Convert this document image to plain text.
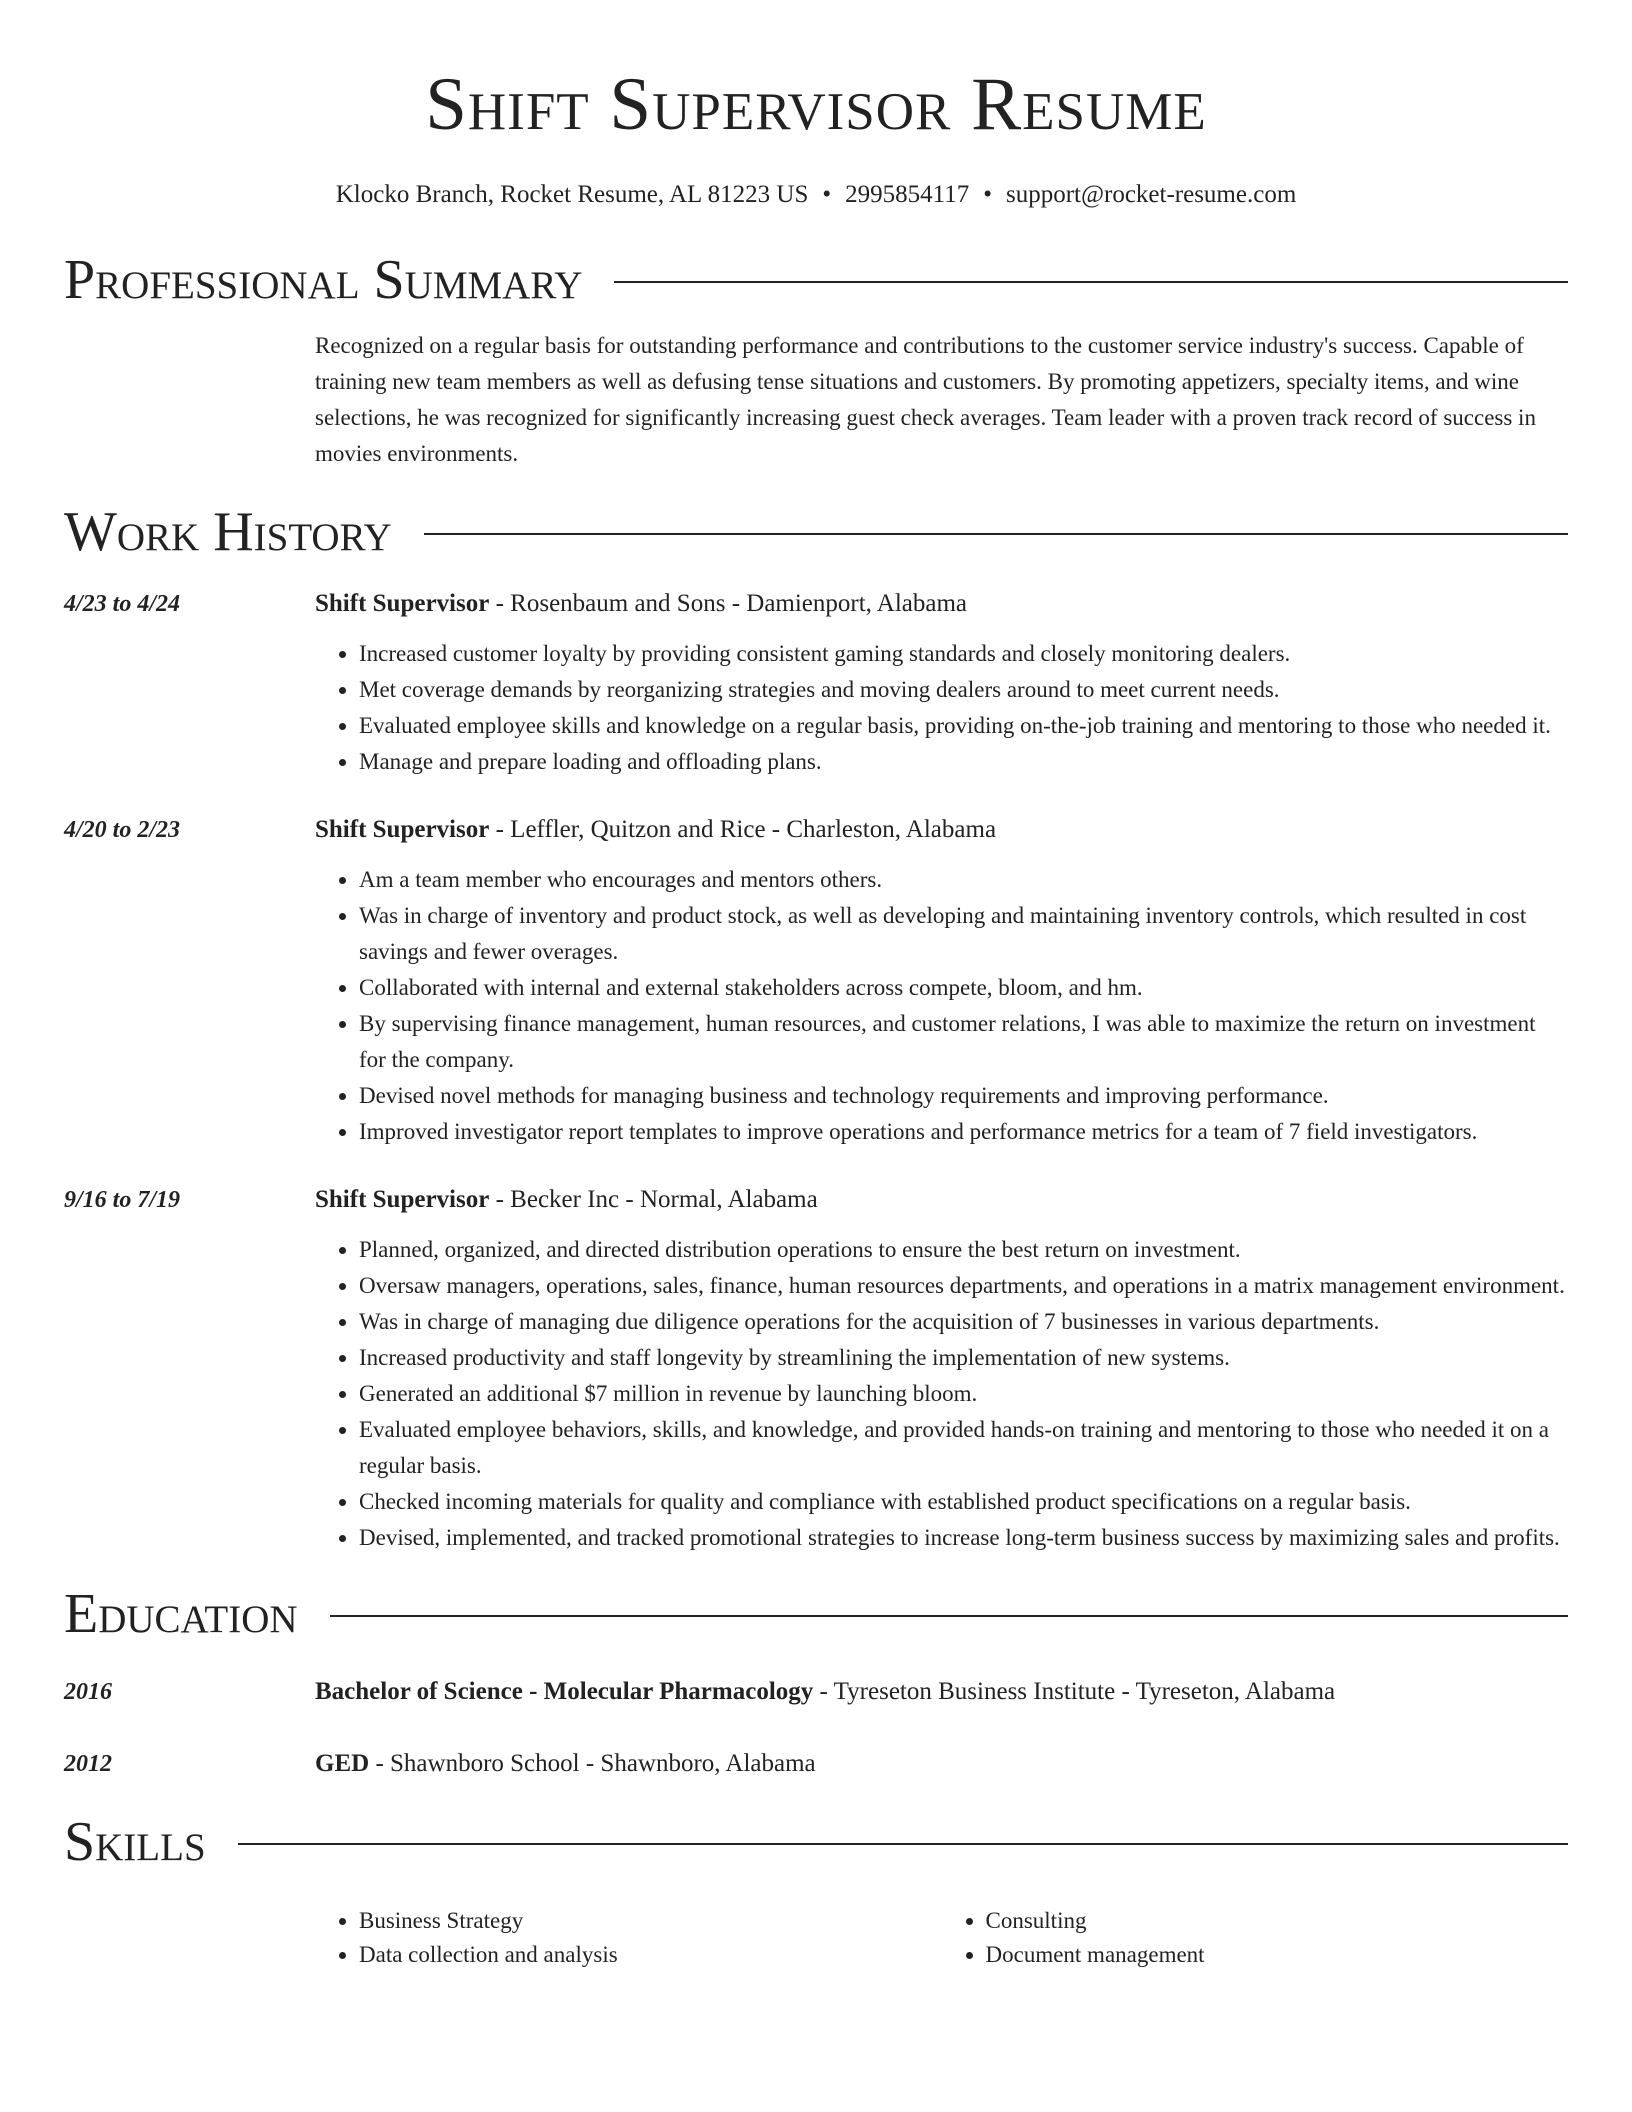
Shift Supervisor Resume
Klocko Branch, Rocket Resume, AL 81223 US • 2995854117 • support@rocket-resume.com
Professional Summary
Recognized on a regular basis for outstanding performance and contributions to the customer service industry's success. Capable of training new team members as well as defusing tense situations and customers. By promoting appetizers, specialty items, and wine selections, he was recognized for significantly increasing guest check averages. Team leader with a proven track record of success in movies environments.
Work History
4/23 to 4/24	Shift Supervisor - Rosenbaum and Sons - Damienport, Alabama
• Increased customer loyalty by providing consistent gaming standards and closely monitoring dealers.
• Met coverage demands by reorganizing strategies and moving dealers around to meet current needs.
• Evaluated employee skills and knowledge on a regular basis, providing on-the-job training and mentoring to those who needed it.
• Manage and prepare loading and offloading plans.
4/20 to 2/23	Shift Supervisor - Leffler, Quitzon and Rice - Charleston, Alabama
• Am a team member who encourages and mentors others.
• Was in charge of inventory and product stock, as well as developing and maintaining inventory controls, which resulted in cost savings and fewer overages.
• Collaborated with internal and external stakeholders across compete, bloom, and hm.
• By supervising finance management, human resources, and customer relations, I was able to maximize the return on investment for the company.
• Devised novel methods for managing business and technology requirements and improving performance.
• Improved investigator report templates to improve operations and performance metrics for a team of 7 field investigators.
9/16 to 7/19	Shift Supervisor - Becker Inc - Normal, Alabama
• Planned, organized, and directed distribution operations to ensure the best return on investment.
• Oversaw managers, operations, sales, finance, human resources departments, and operations in a matrix management environment.
• Was in charge of managing due diligence operations for the acquisition of 7 businesses in various departments.
• Increased productivity and staff longevity by streamlining the implementation of new systems.
• Generated an additional $7 million in revenue by launching bloom.
• Evaluated employee behaviors, skills, and knowledge, and provided hands-on training and mentoring to those who needed it on a regular basis.
• Checked incoming materials for quality and compliance with established product specifications on a regular basis.
• Devised, implemented, and tracked promotional strategies to increase long-term business success by maximizing sales and profits.
Education
2016	Bachelor of Science - Molecular Pharmacology - Tyreseton Business Institute - Tyreseton, Alabama
2012	GED - Shawnboro School - Shawnboro, Alabama
Skills
• Business Strategy
• Data collection and analysis
• Consulting
• Document management
